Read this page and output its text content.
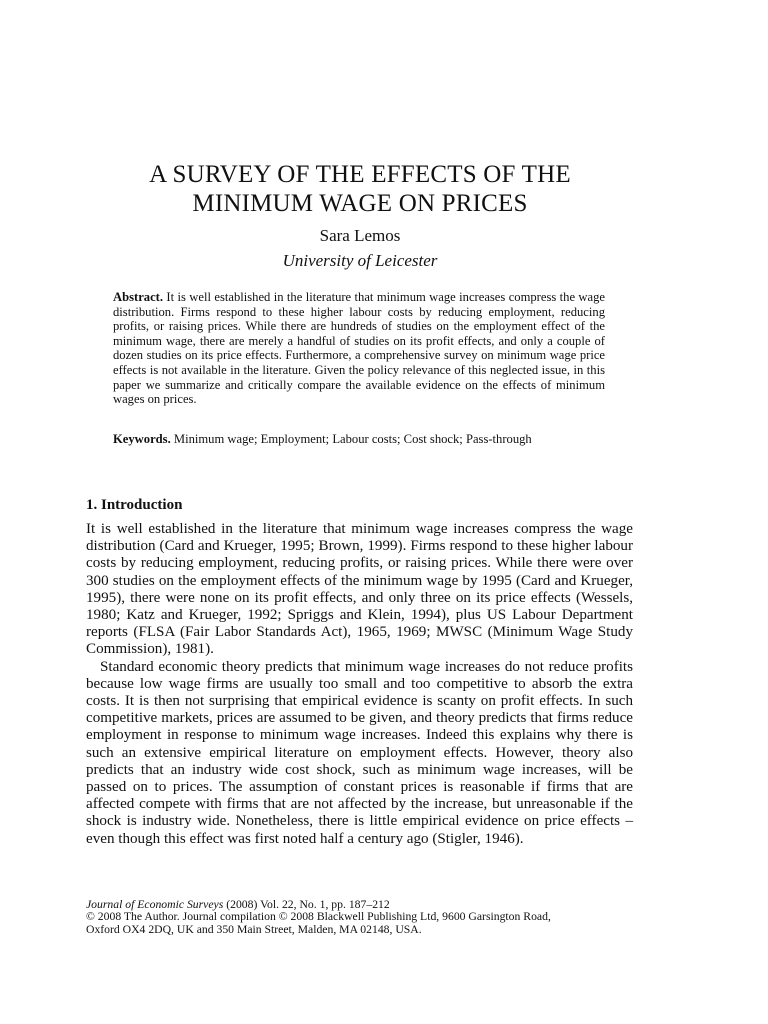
A SURVEY OF THE EFFECTS OF THE
MINIMUM WAGE ON PRICES
Sara Lemos
University of Leicester
Abstract. It is well established in the literature that minimum wage increases compress the wage distribution. Firms respond to these higher labour costs by reducing employment, reducing profits, or raising prices. While there are hundreds of studies on the employment effect of the minimum wage, there are merely a handful of studies on its profit effects, and only a couple of dozen studies on its price effects. Furthermore, a comprehensive survey on minimum wage price effects is not available in the literature. Given the policy relevance of this neglected issue, in this paper we summarize and critically compare the available evidence on the effects of minimum wages on prices.
Keywords. Minimum wage; Employment; Labour costs; Cost shock; Pass-through
1. Introduction

It is well established in the literature that minimum wage increases compress the wage distribution (Card and Krueger, 1995; Brown, 1999). Firms respond to these higher labour costs by reducing employment, reducing profits, or raising prices. While there were over 300 studies on the employment effects of the minimum wage by 1995 (Card and Krueger, 1995), there were none on its profit effects, and only three on its price effects (Wessels, 1980; Katz and Krueger, 1992; Spriggs and Klein, 1994), plus US Labour Department reports (FLSA (Fair Labor Standards Act), 1965, 1969; MWSC (Minimum Wage Study Commission), 1981).

Standard economic theory predicts that minimum wage increases do not reduce profits because low wage firms are usually too small and too competitive to absorb the extra costs. It is then not surprising that empirical evidence is scanty on profit effects. In such competitive markets, prices are assumed to be given, and theory predicts that firms reduce employment in response to minimum wage increases. Indeed this explains why there is such an extensive empirical literature on employment effects. However, theory also predicts that an industry wide cost shock, such as minimum wage increases, will be passed on to prices. The assumption of constant prices is reasonable if firms that are affected compete with firms that are not affected by the increase, but unreasonable if the shock is industry wide. Nonetheless, there is little empirical evidence on price effects – even though this effect was first noted half a century ago (Stigler, 1946).

Journal of Economic Surveys (2008) Vol. 22, No. 1, pp. 187–212
© 2008 The Author. Journal compilation © 2008 Blackwell Publishing Ltd, 9600 Garsington Road,
Oxford OX4 2DQ, UK and 350 Main Street, Malden, MA 02148, USA.
